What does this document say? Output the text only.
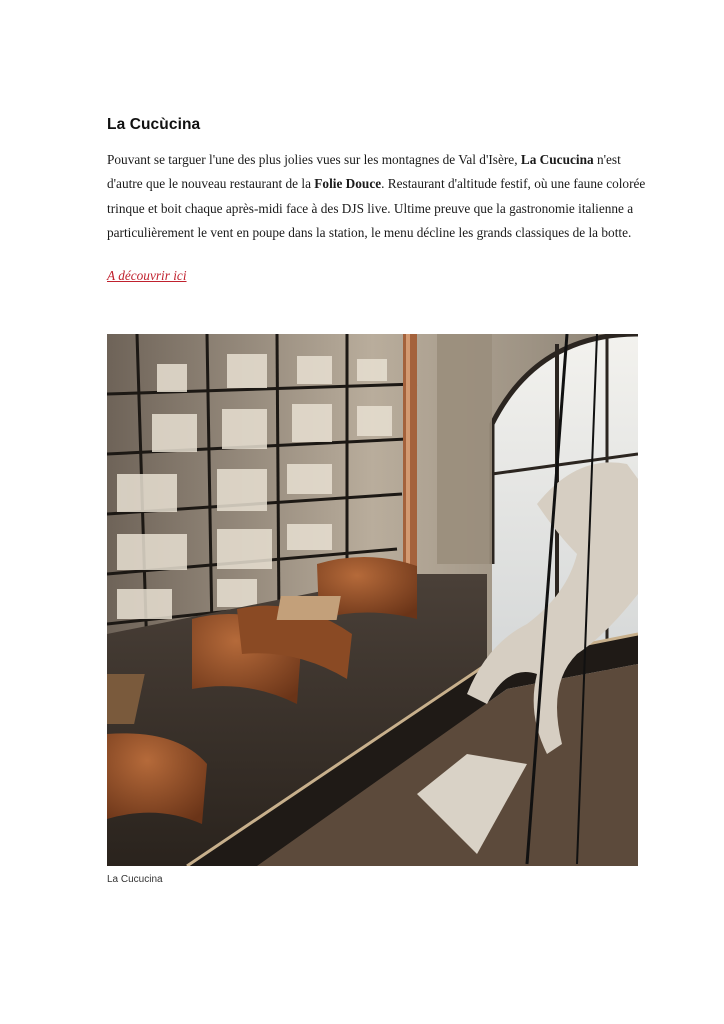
La Cucùcina

Pouvant se targuer l'une des plus jolies vues sur les montagnes de Val d'Isère, La Cucucina n'est d'autre que le nouveau restaurant de la Folie Douce. Restaurant d'altitude festif, où une faune colorée trinque et boit chaque après-midi face à des DJS live. Ultime preuve que la gastronomie italienne a particulièrement le vent en poupe dans la station, le menu décline les grands classiques de la botte.

A découvrir ici
La Cucucina
